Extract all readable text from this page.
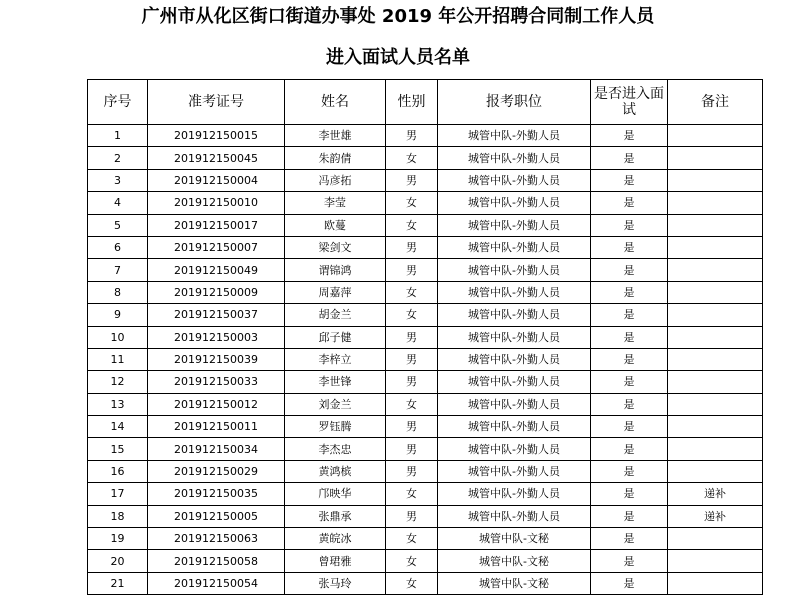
广州市从化区街口街道办事处 2019 年公开招聘合同制工作人员
进入面试人员名单
序号	准考证号	姓名	性别	报考职位	是否进入面试	备注
1	201912150015	李世雄	男	城管中队-外勤人员	是	
2	201912150045	朱韵倩	女	城管中队-外勤人员	是	
3	201912150004	冯彦拓	男	城管中队-外勤人员	是	
4	201912150010	李莹	女	城管中队-外勤人员	是	
5	201912150017	欧蔓	女	城管中队-外勤人员	是	
6	201912150007	梁剑文	男	城管中队-外勤人员	是	
7	201912150049	谓锦鸿	男	城管中队-外勤人员	是	
8	201912150009	周嘉萍	女	城管中队-外勤人员	是	
9	201912150037	胡金兰	女	城管中队-外勤人员	是	
10	201912150003	邱子健	男	城管中队-外勤人员	是	
11	201912150039	李梓立	男	城管中队-外勤人员	是	
12	201912150033	李世锋	男	城管中队-外勤人员	是	
13	201912150012	刘金兰	女	城管中队-外勤人员	是	
14	201912150011	罗钰腾	男	城管中队-外勤人员	是	
15	201912150034	李杰忠	男	城管中队-外勤人员	是	
16	201912150029	黄鸿槟	男	城管中队-外勤人员	是	
17	201912150035	邝映华	女	城管中队-外勤人员	是	递补
18	201912150005	张鼎承	男	城管中队-外勤人员	是	递补
19	201912150063	黄皖冰	女	城管中队-文秘	是	
20	201912150058	曾珺雅	女	城管中队-文秘	是	
21	201912150054	张马玲	女	城管中队-文秘	是	
